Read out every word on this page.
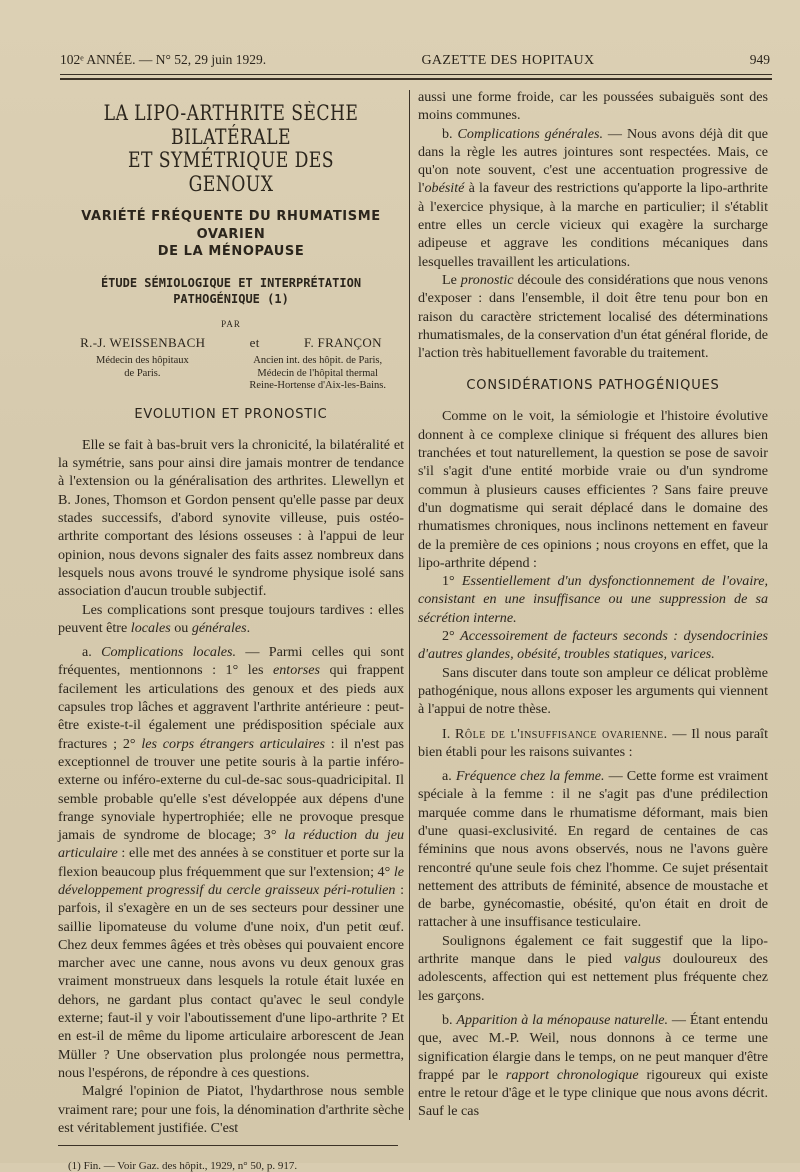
102ᵉ ANNÉE. — N° 52, 29 juin 1929.	GAZETTE DES HOPITAUX	949
LA LIPO-ARTHRITE SÈCHE BILATÉRALE
ET SYMÉTRIQUE DES GENOUX
VARIÉTÉ FRÉQUENTE DU RHUMATISME OVARIEN
DE LA MÉNOPAUSE
ÉTUDE SÉMIOLOGIQUE ET INTERPRÉTATION
PATHOGÉNIQUE (1)
PAR
R.-J. WEISSENBACH	et	F. FRANÇON
Médecin des hôpitaux
de Paris.
Ancien int. des hôpit. de Paris,
Médecin de l'hôpital thermal
Reine-Hortense d'Aix-les-Bains.
EVOLUTION ET PRONOSTIC

Elle se fait à bas-bruit vers la chronicité, la bilatéralité et la symétrie, sans pour ainsi dire jamais montrer de tendance à l'extension ou la généralisation des arthrites. Llewellyn et B. Jones, Thomson et Gordon pensent qu'elle passe par deux stades successifs, d'abord synovite villeuse, puis ostéo-arthrite comportant des lésions osseuses : à l'appui de leur opinion, nous devons signaler des faits assez nombreux dans lesquels nous avons trouvé le syndrome physique isolé sans association d'aucun trouble subjectif.

Les complications sont presque toujours tardives : elles peuvent être locales ou générales.

a. Complications locales. — Parmi celles qui sont fréquentes, mentionnons : 1° les entorses qui frappent facilement les articulations des genoux et des pieds aux capsules trop lâches et aggravent l'arthrite antérieure : peut-être existe-t-il également une prédisposition spéciale aux fractures ; 2° les corps étrangers articulaires : il n'est pas exceptionnel de trouver une petite souris à la partie inféro-externe ou inféro-externe du cul-de-sac sous-quadricipital. Il semble probable qu'elle s'est développée aux dépens d'une frange synoviale hypertrophiée; elle ne provoque presque jamais de syndrome de blocage; 3° la réduction du jeu articulaire : elle met des années à se constituer et porte sur la flexion beaucoup plus fréquemment que sur l'extension; 4° le développement progressif du cercle graisseux péri-rotulien : parfois, il s'exagère en un de ses secteurs pour dessiner une saillie lipomateuse du volume d'une noix, d'un petit œuf. Chez deux femmes âgées et très obèses qui pouvaient encore marcher avec une canne, nous avons vu deux genoux gras vraiment monstrueux dans lesquels la rotule était luxée en dehors, ne gardant plus contact qu'avec le seul condyle externe; faut-il y voir l'aboutissement d'une lipo-arthrite ? Et en est-il de même du lipome articulaire arborescent de Jean Müller ? Une observation plus prolongée nous permettra, nous l'espérons, de répondre à ces questions.

Malgré l'opinion de Piatot, l'hydarthrose nous semble vraiment rare; pour une fois, la dénomination d'arthrite sèche est véritablement justifiée. C'est

(1) Fin. — Voir Gaz. des hôpit., 1929, n° 50, p. 917.

aussi une forme froide, car les poussées subaiguës sont des moins communes.

b. Complications générales. — Nous avons déjà dit que dans la règle les autres jointures sont respectées. Mais, ce qu'on note souvent, c'est une accentuation progressive de l'obésité à la faveur des restrictions qu'apporte la lipo-arthrite à l'exercice physique, à la marche en particulier; il s'établit entre elles un cercle vicieux qui exagère la surcharge adipeuse et aggrave les conditions mécaniques dans lesquelles travaillent les articulations.

Le pronostic découle des considérations que nous venons d'exposer : dans l'ensemble, il doit être tenu pour bon en raison du caractère strictement localisé des déterminations rhumatismales, de la conservation d'un état général floride, de l'action très habituellement favorable du traitement.

CONSIDÉRATIONS PATHOGÉNIQUES

Comme on le voit, la sémiologie et l'histoire évolutive donnent à ce complexe clinique si fréquent des allures bien tranchées et tout naturellement, la question se pose de savoir s'il s'agit d'une entité morbide vraie ou d'un syndrome commun à plusieurs causes efficientes ? Sans faire preuve d'un dogmatisme qui serait déplacé dans le domaine des rhumatismes chroniques, nous inclinons nettement en faveur de la première de ces opinions ; nous croyons en effet, que la lipo-arthrite dépend :

1° Essentiellement d'un dysfonctionnement de l'ovaire, consistant en une insuffisance ou une suppression de sa sécrétion interne.

2° Accessoirement de facteurs seconds : dysendocrinies d'autres glandes, obésité, troubles statiques, varices.

Sans discuter dans toute son ampleur ce délicat problème pathogénique, nous allons exposer les arguments qui viennent à l'appui de notre thèse.

I. Rôle de l'insuffisance ovarienne. — Il nous paraît bien établi pour les raisons suivantes :

a. Fréquence chez la femme. — Cette forme est vraiment spéciale à la femme : il ne s'agit pas d'une prédilection marquée comme dans le rhumatisme déformant, mais bien d'une quasi-exclusivité. En regard de centaines de cas féminins que nous avons observés, nous ne l'avons guère rencontré qu'une seule fois chez l'homme. Ce sujet présentait nettement des attributs de féminité, absence de moustache et de barbe, gynécomastie, obésité, qu'on était en droit de rattacher à une insuffisance testiculaire.

Soulignons également ce fait suggestif que la lipo-arthrite manque dans le pied valgus douloureux des adolescents, affection qui est nettement plus fréquente chez les garçons.

b. Apparition à la ménopause naturelle. — Étant entendu que, avec M.-P. Weil, nous donnons à ce terme une signification élargie dans le temps, on ne peut manquer d'être frappé par le rapport chronologique rigoureux qui existe entre le retour d'âge et le type clinique que nous avons décrit. Sauf le cas
